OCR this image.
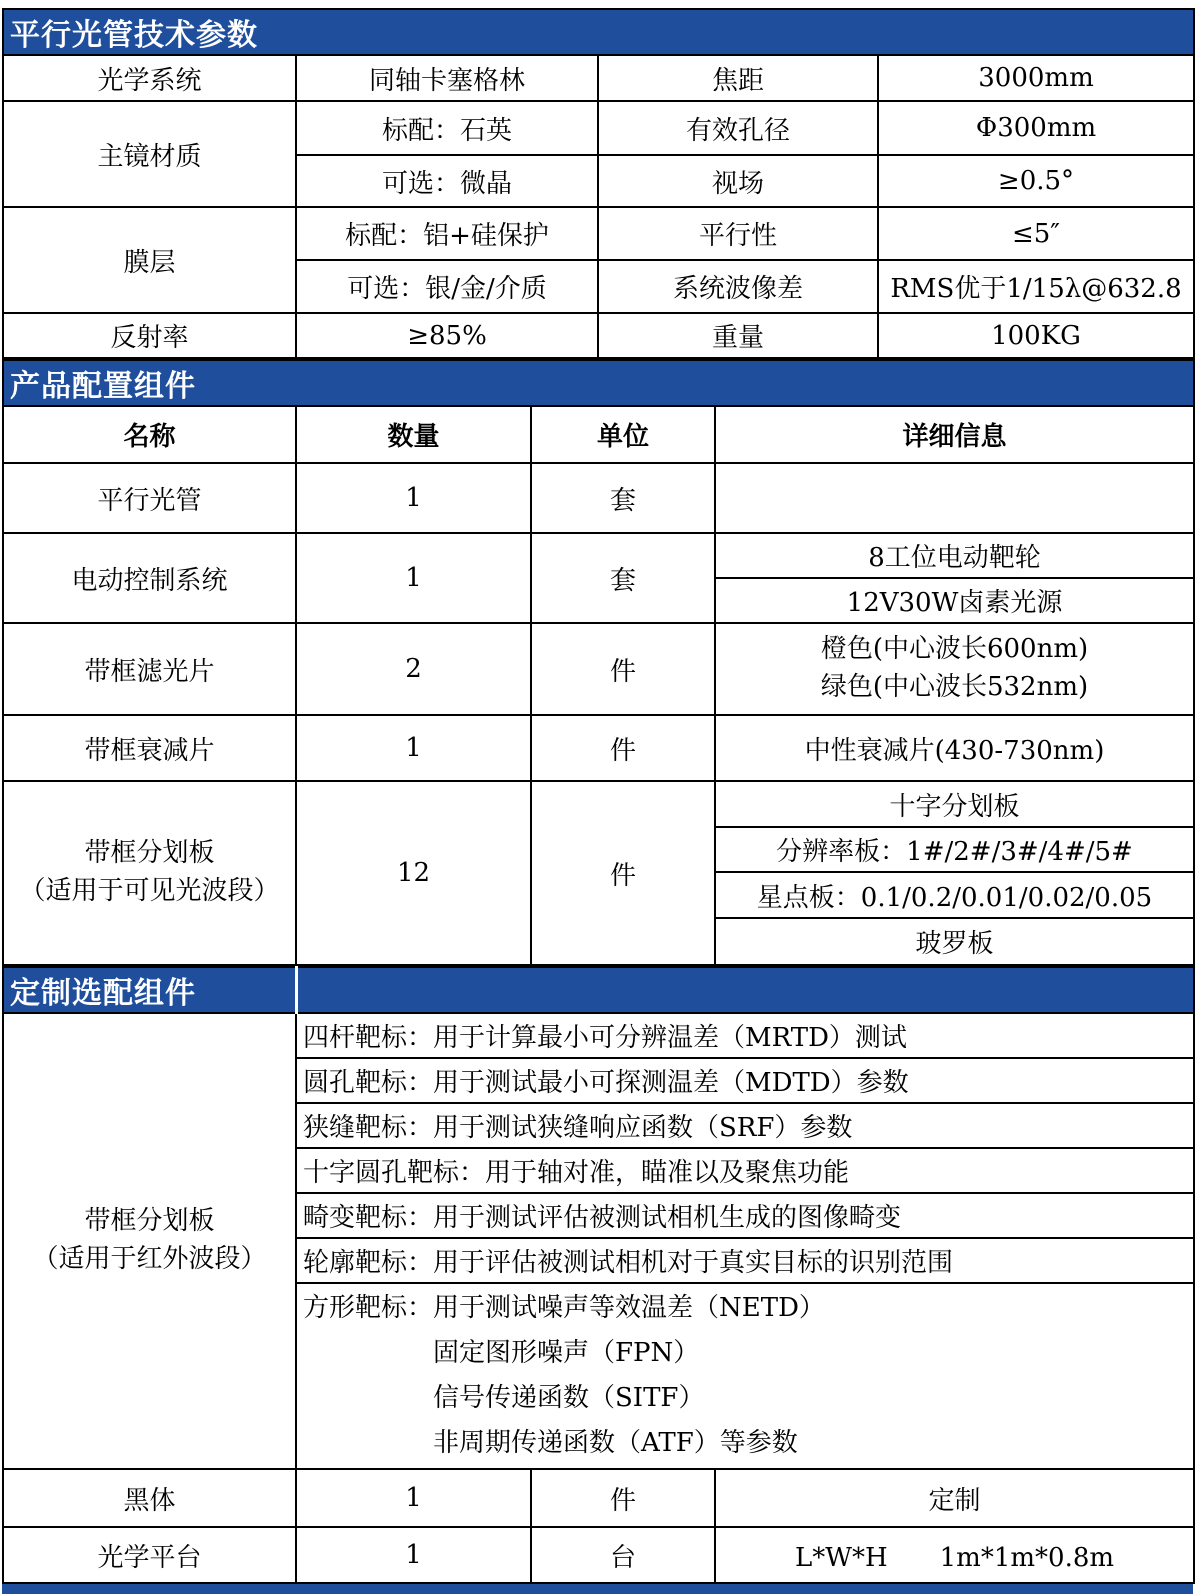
平行光管技术参数			
光学系统	同轴卡塞格林	焦距	3000mm
主镜材质	标配：石英	有效孔径	Φ300mm
	可选：微晶	视场	≥0.5°
膜层	标配：铝+硅保护	平行性	≤5″
	可选：银/金/介质	系统波像差	RMS优于1/15λ@632.8
反射率	≥85%	重量	100KG
产品配置组件			
名称	数量	单位	详细信息
平行光管	1	套	
电动控制系统	1	套	8工位电动靶轮
			12V30W卤素光源
带框滤光片	2	件	橙色(中心波长600nm)
绿色(中心波长532nm)

带框衰减片	1	件	中性衰减片(430-730nm)

带框分划板
（适用于可见光波段）	12	件	十字分划板
			分辨率板：1#/2#/3#/4#/5#
			星点板：0.1/0.2/0.01/0.02/0.05
			玻罗板
定制选配组件			

带框分划板
（适用于红外波段）	四杆靶标：用于计算最小可分辨温差（MRTD）测试		
	圆孔靶标：用于测试最小可探测温差（MDTD）参数		
	狭缝靶标：用于测试狭缝响应函数（SRF）参数		
	十字圆孔靶标：用于轴对准，瞄准以及聚焦功能		
	畸变靶标：用于测试评估被测试相机生成的图像畸变		
	轮廓靶标：用于评估被测试相机对于真实目标的识别范围		

	方形靶标：用于测试噪声等效温差（NETD）
固定图形噪声（FPN）
信号传递函数（SITF）
非周期传递函数（ATF）等参数		

黑体	1	件	定制
光学平台	1	台	L*W*H　　1m*1m*0.8m
